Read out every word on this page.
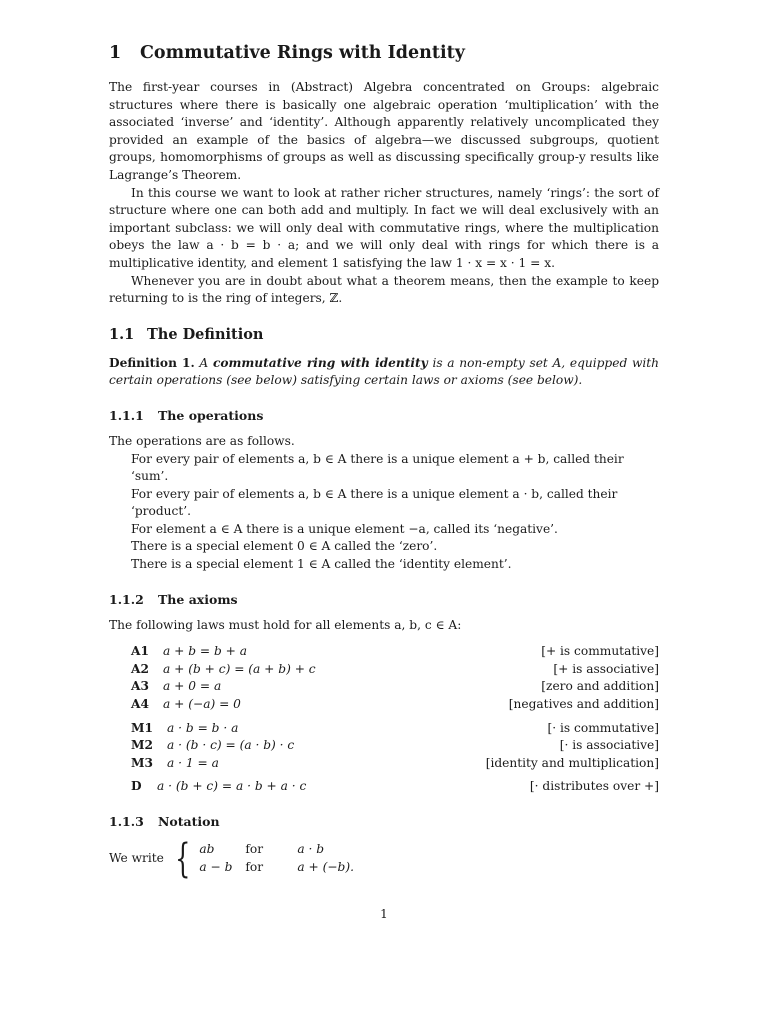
1 Commutative Rings with Identity

The first-year courses in (Abstract) Algebra concentrated on Groups: algebraic structures where there is basically one algebraic operation ‘multiplication’ with the associated ‘inverse’ and ‘identity’. Although apparently relatively uncomplicated they provided an example of the basics of algebra—we discussed subgroups, quotient groups, homomorphisms of groups as well as discussing specifically group-y results like Lagrange’s Theorem.

In this course we want to look at rather richer structures, namely ‘rings’: the sort of structure where one can both add and multiply. In fact we will deal exclusively with an important subclass: we will only deal with commutative rings, where the multiplication obeys the law a · b = b · a; and we will only deal with rings for which there is a multiplicative identity, and element 1 satisfying the law 1 · x = x · 1 = x.

Whenever you are in doubt about what a theorem means, then the example to keep returning to is the ring of integers, ℤ.

1.1 The Definition

Definition 1. A commutative ring with identity is a non-empty set A, equipped with certain operations (see below) satisfying certain laws or axioms (see below).

1.1.1 The operations
The operations are as follows.
For every pair of elements a, b ∈ A there is a unique element a + b, called their ‘sum’.
For every pair of elements a, b ∈ A there is a unique element a · b, called their ‘product’.
For element a ∈ A there is a unique element −a, called its ‘negative’.
There is a special element 0 ∈ A called the ‘zero’.
There is a special element 1 ∈ A called the ‘identity element’.
1.1.2 The axioms
The following laws must hold for all elements a, b, c ∈ A:
A1	a + b = b + a	[+ is commutative]
A2	a + (b + c) = (a + b) + c	[+ is associative]
A3	a + 0 = a	[zero and addition]
A4	a + (−a) = 0	[negatives and addition]
M1	a · b = b · a	[· is commutative]
M2	a · (b · c) = (a · b) · c	[· is associative]
M3	a · 1 = a	[identity and multiplication]
D	a · (b + c) = a · b + a · c	[· distributes over +]
1.1.3 Notation
We write { ab	for	a · b
a − b	for	a + (−b).
1
